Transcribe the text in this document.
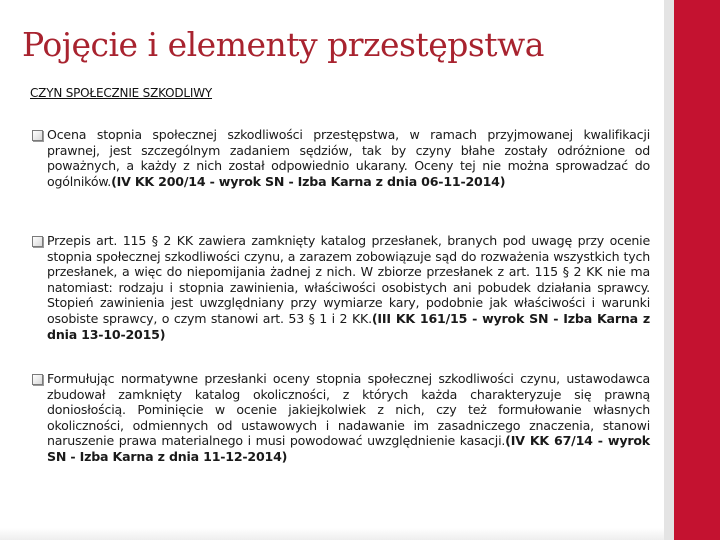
Pojęcie i elementy przestępstwa
CZYN SPOŁECZNIE SZKODLIWY
Ocena stopnia społecznej szkodliwości przestępstwa, w ramach przyjmowanej kwalifikacji prawnej, jest szczególnym zadaniem sędziów, tak by czyny błahe zostały odróżnione od poważnych, a każdy z nich został odpowiednio ukarany. Oceny tej nie można sprowadzać do ogólników.(IV KK 200/14 - wyrok SN - Izba Karna z dnia 06-11-2014)
Przepis art. 115 § 2 KK zawiera zamknięty katalog przesłanek, branych pod uwagę przy ocenie stopnia społecznej szkodliwości czynu, a zarazem zobowiązuje sąd do rozważenia wszystkich tych przesłanek, a więc do niepomijania żadnej z nich. W zbiorze przesłanek z art. 115 § 2 KK nie ma natomiast: rodzaju i stopnia zawinienia, właściwości osobistych ani pobudek działania sprawcy. Stopień zawinienia jest uwzględniany przy wymiarze kary, podobnie jak właściwości i warunki osobiste sprawcy, o czym stanowi art. 53 § 1 i 2 KK.(III KK 161/15 - wyrok SN - Izba Karna z dnia 13-10-2015)
Formułując normatywne przesłanki oceny stopnia społecznej szkodliwości czynu, ustawodawca zbudował zamknięty katalog okoliczności, z których każda charakteryzuje się prawną doniosłością. Pominięcie w ocenie jakiejkolwiek z nich, czy też formułowanie własnych okoliczności, odmiennych od ustawowych i nadawanie im zasadniczego znaczenia, stanowi naruszenie prawa materialnego i musi powodować uwzględnienie kasacji.(IV KK 67/14 - wyrok SN - Izba Karna z dnia 11-12-2014)
